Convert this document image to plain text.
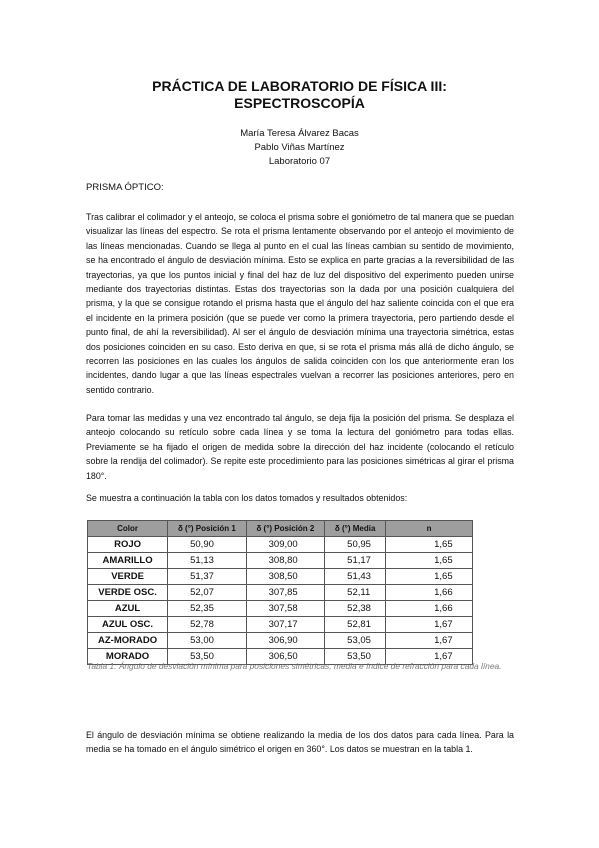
PRÁCTICA DE LABORATORIO DE FÍSICA III:
ESPECTROSCOPÍA
María Teresa Álvarez Bacas
Pablo Viñas Martínez
Laboratorio 07
PRISMA ÓPTICO:

Tras calibrar el colimador y el anteojo, se coloca el prisma sobre el goniómetro de tal manera que se puedan visualizar las líneas del espectro. Se rota el prisma lentamente observando por el anteojo el movimiento de las líneas mencionadas. Cuando se llega al punto en el cual las líneas cambian su sentido de movimiento, se ha encontrado el ángulo de desviación mínima. Esto se explica en parte gracias a la reversibilidad de las trayectorias, ya que los puntos inicial y final del haz de luz del dispositivo del experimento pueden unirse mediante dos trayectorias distintas. Estas dos trayectorias son la dada por una posición cualquiera del prisma, y la que se consigue rotando el prisma hasta que el ángulo del haz saliente coincida con el que era el incidente en la primera posición (que se puede ver como la primera trayectoria, pero partiendo desde el punto final, de ahí la reversibilidad). Al ser el ángulo de desviación mínima una trayectoria simétrica, estas dos posiciones coinciden en su caso. Esto deriva en que, si se rota el prisma más allá de dicho ángulo, se recorren las posiciones en las cuales los ángulos de salida coinciden con los que anteriormente eran los incidentes, dando lugar a que las líneas espectrales vuelvan a recorrer las posiciones anteriores, pero en sentido contrario.

Para tomar las medidas y una vez encontrado tal ángulo, se deja fija la posición del prisma. Se desplaza el anteojo colocando su retículo sobre cada línea y se toma la lectura del goniómetro para todas ellas. Previamente se ha fijado el origen de medida sobre la dirección del haz incidente (colocando el retículo sobre la rendija del colimador). Se repite este procedimiento para las posiciones simétricas al girar el prisma 180°.

Se muestra a continuación la tabla con los datos tomados y resultados obtenidos:

Color	δ (°) Posición 1	δ (°) Posición 2	δ (°) Media	n
ROJO	50,90	309,00	50,95	1,65
AMARILLO	51,13	308,80	51,17	1,65
VERDE	51,37	308,50	51,43	1,65
VERDE OSC.	52,07	307,85	52,11	1,66
AZUL	52,35	307,58	52,38	1,66
AZUL OSC.	52,78	307,17	52,81	1,67
AZ-MORADO	53,00	306,90	53,05	1,67
MORADO	53,50	306,50	53,50	1,67

Tabla 1: Ángulo de desviación mínima para posiciones simétricas, media e índice de refracción para cada línea.

El ángulo de desviación mínima se obtiene realizando la media de los dos datos para cada línea. Para la media se ha tomado en el ángulo simétrico el origen en 360°. Los datos se muestran en la tabla 1.
